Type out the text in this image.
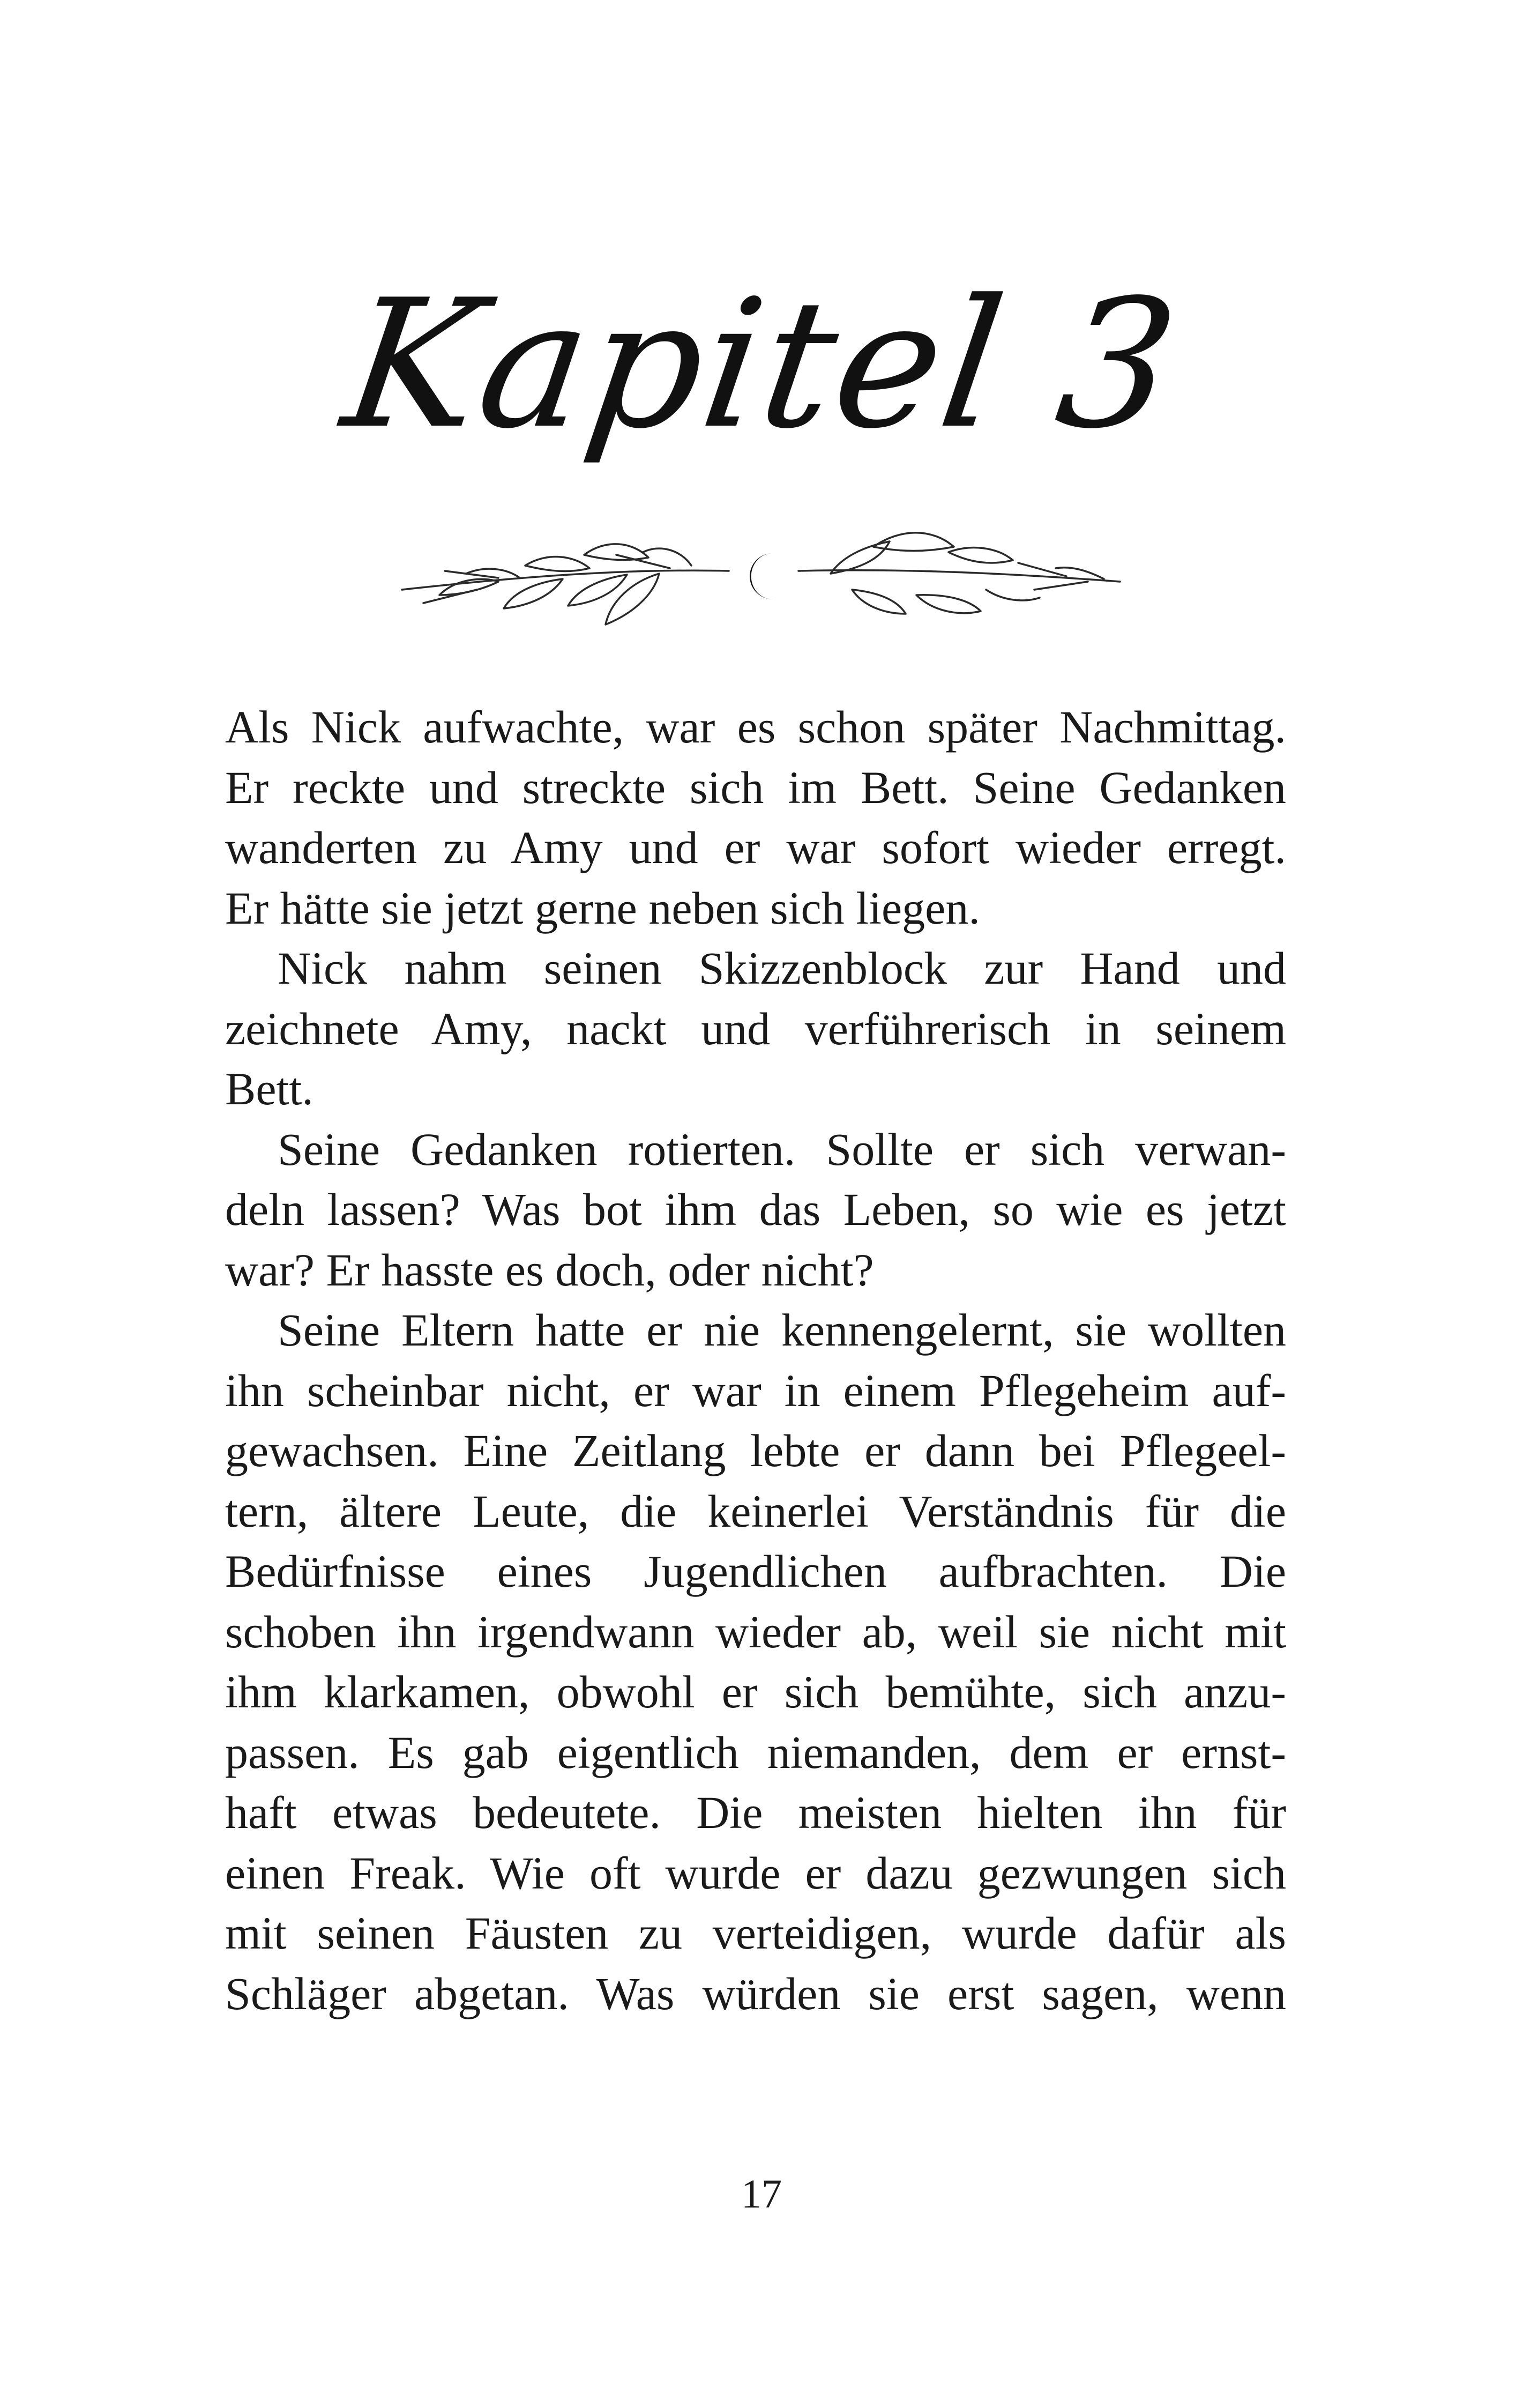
Kapitel 3

Als Nick aufwachte, war es schon später Nachmittag.
Er reckte und streckte sich im Bett. Seine Gedanken
wanderten zu Amy und er war sofort wieder erregt.
Er hätte sie jetzt gerne neben sich liegen.

Nick nahm seinen Skizzenblock zur Hand und
zeichnete Amy, nackt und verführerisch in seinem
Bett.

Seine Gedanken rotierten. Sollte er sich verwan-
deln lassen? Was bot ihm das Leben, so wie es jetzt
war? Er hasste es doch, oder nicht?

Seine Eltern hatte er nie kennengelernt, sie wollten
ihn scheinbar nicht, er war in einem Pflegeheim auf-
gewachsen. Eine Zeitlang lebte er dann bei Pflegeel-
tern, ältere Leute, die keinerlei Verständnis für die
Bedürfnisse eines Jugendlichen aufbrachten. Die
schoben ihn irgendwann wieder ab, weil sie nicht mit
ihm klarkamen, obwohl er sich bemühte, sich anzu-
passen. Es gab eigentlich niemanden, dem er ernst-
haft etwas bedeutete. Die meisten hielten ihn für
einen Freak. Wie oft wurde er dazu gezwungen sich
mit seinen Fäusten zu verteidigen, wurde dafür als
Schläger abgetan. Was würden sie erst sagen, wenn

17
